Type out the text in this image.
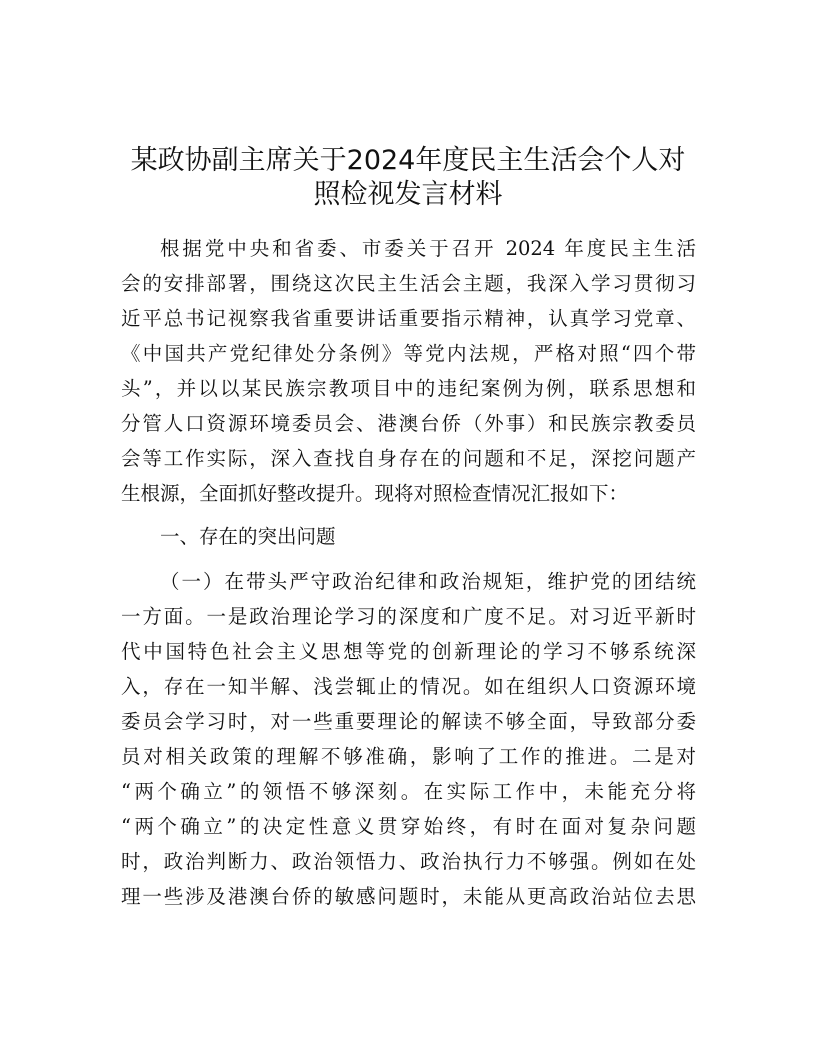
某政协副主席关于2024年度民主生活会个人对
照检视发言材料
根据党中央和省委、市委关于召开 2024 年度民主生活
会的安排部署，围绕这次民主生活会主题，我深入学习贯彻习
近平总书记视察我省重要讲话重要指示精神，认真学习党章、
《中国共产党纪律处分条例》等党内法规，严格对照“四个带
头”，并以以某民族宗教项目中的违纪案例为例，联系思想和
分管人口资源环境委员会、港澳台侨（外事）和民族宗教委员
会等工作实际，深入查找自身存在的问题和不足，深挖问题产
生根源，全面抓好整改提升。现将对照检查情况汇报如下：
一、存在的突出问题
（一）在带头严守政治纪律和政治规矩，维护党的团结统
一方面。一是政治理论学习的深度和广度不足。对习近平新时
代中国特色社会主义思想等党的创新理论的学习不够系统深
入，存在一知半解、浅尝辄止的情况。如在组织人口资源环境
委员会学习时，对一些重要理论的解读不够全面，导致部分委
员对相关政策的理解不够准确，影响了工作的推进。二是对
“两个确立”的领悟不够深刻。在实际工作中，未能充分将
“两个确立”的决定性意义贯穿始终，有时在面对复杂问题
时，政治判断力、政治领悟力、政治执行力不够强。例如在处
理一些涉及港澳台侨的敏感问题时，未能从更高政治站位去思
